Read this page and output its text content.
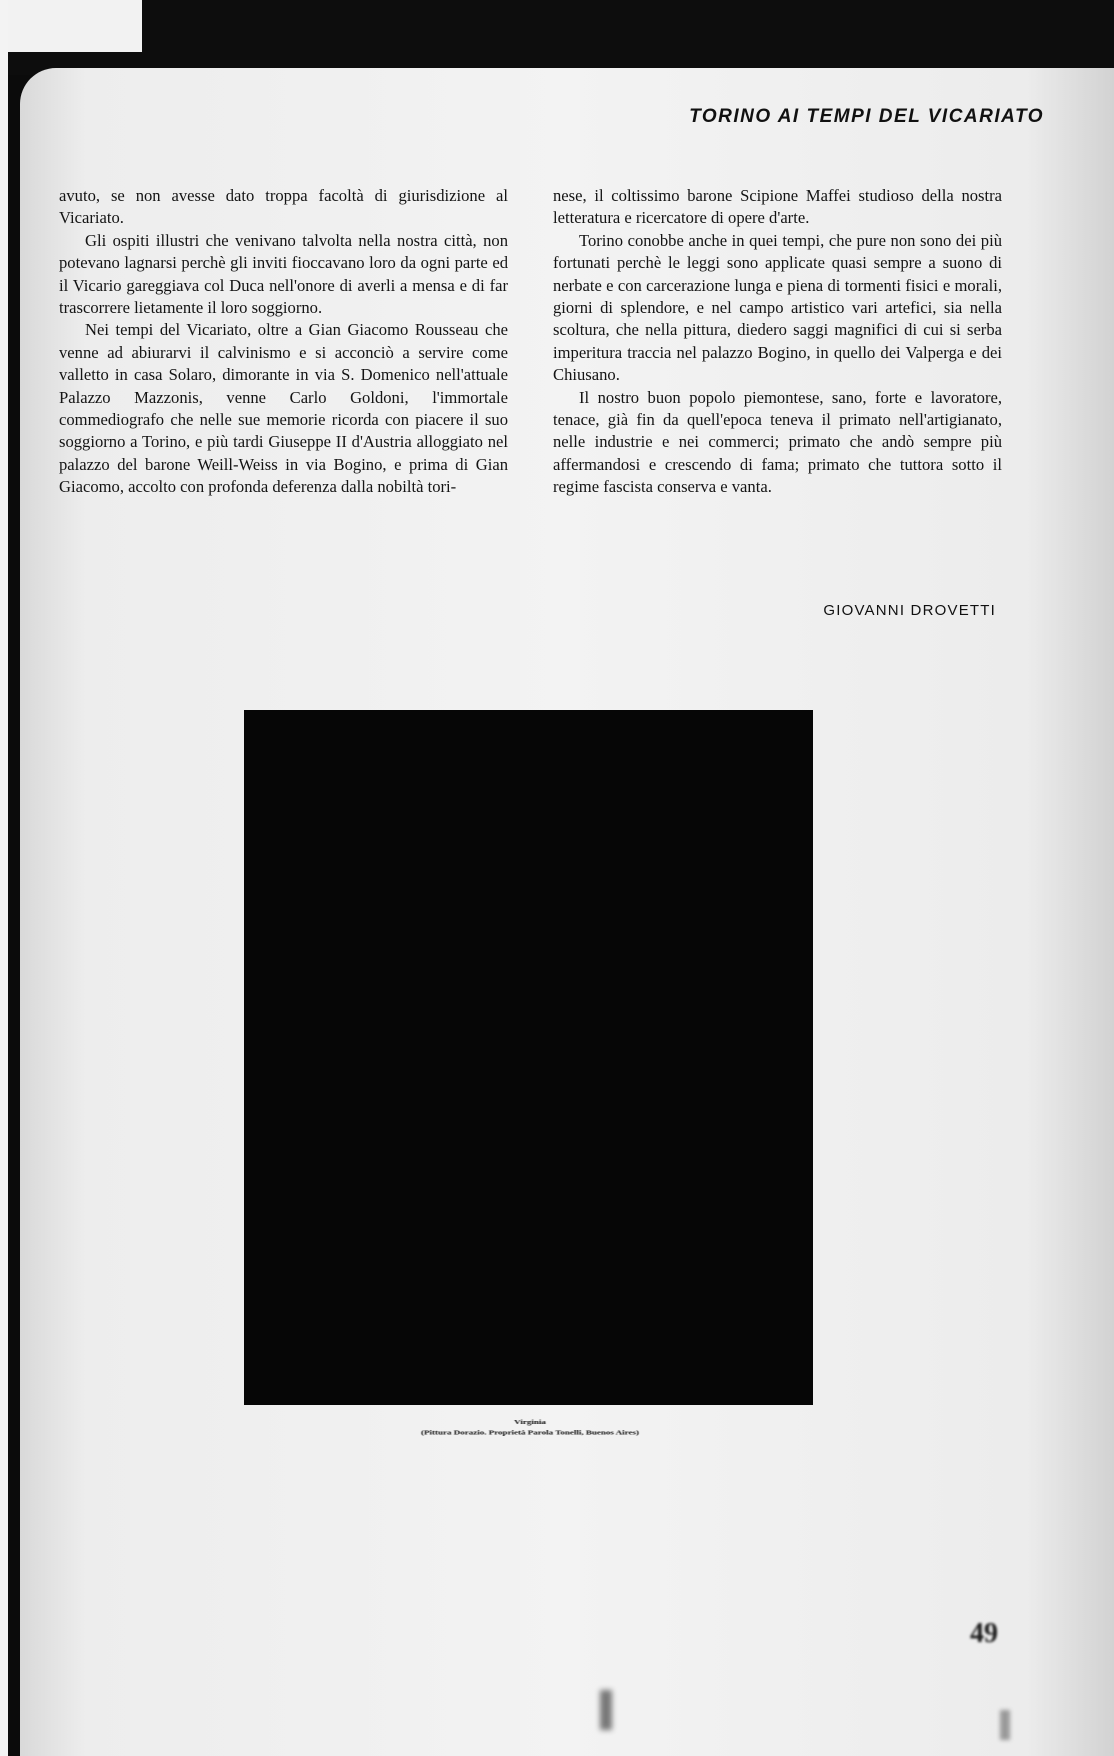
TORINO AI TEMPI DEL VICARIATO

avuto, se non avesse dato troppa facoltà di giurisdizione al Vicariato.

Gli ospiti illustri che venivano talvolta nella nostra città, non potevano lagnarsi perchè gli inviti fioccavano loro da ogni parte ed il Vicario gareggiava col Duca nell'onore di averli a mensa e di far trascorrere lietamente il loro soggiorno.

Nei tempi del Vicariato, oltre a Gian Giacomo Rousseau che venne ad abiurarvi il calvinismo e si acconciò a servire come valletto in casa Solaro, dimorante in via S. Domenico nell'attuale Palazzo Mazzonis, venne Carlo Goldoni, l'immortale commediografo che nelle sue memorie ricorda con piacere il suo soggiorno a Torino, e più tardi Giuseppe II d'Austria alloggiato nel palazzo del barone Weill-Weiss in via Bogino, e prima di Gian Giacomo, accolto con profonda deferenza dalla nobiltà tori-

nese, il coltissimo barone Scipione Maffei studioso della nostra letteratura e ricercatore di opere d'arte.

Torino conobbe anche in quei tempi, che pure non sono dei più fortunati perchè le leggi sono applicate quasi sempre a suono di nerbate e con carcerazione lunga e piena di tormenti fisici e morali, giorni di splendore, e nel campo artistico vari artefici, sia nella scoltura, che nella pittura, diedero saggi magnifici di cui si serba imperitura traccia nel palazzo Bogino, in quello dei Valperga e dei Chiusano.

Il nostro buon popolo piemontese, sano, forte e lavoratore, tenace, già fin da quell'epoca teneva il primato nell'artigianato, nelle industrie e nei commerci; primato che andò sempre più affermandosi e crescendo di fama; primato che tuttora sotto il regime fascista conserva e vanta.

GIOVANNI DROVETTI
Virginia
(Pittura Dorazio. Proprietà Parola Tonelli, Buenos Aires)
49
